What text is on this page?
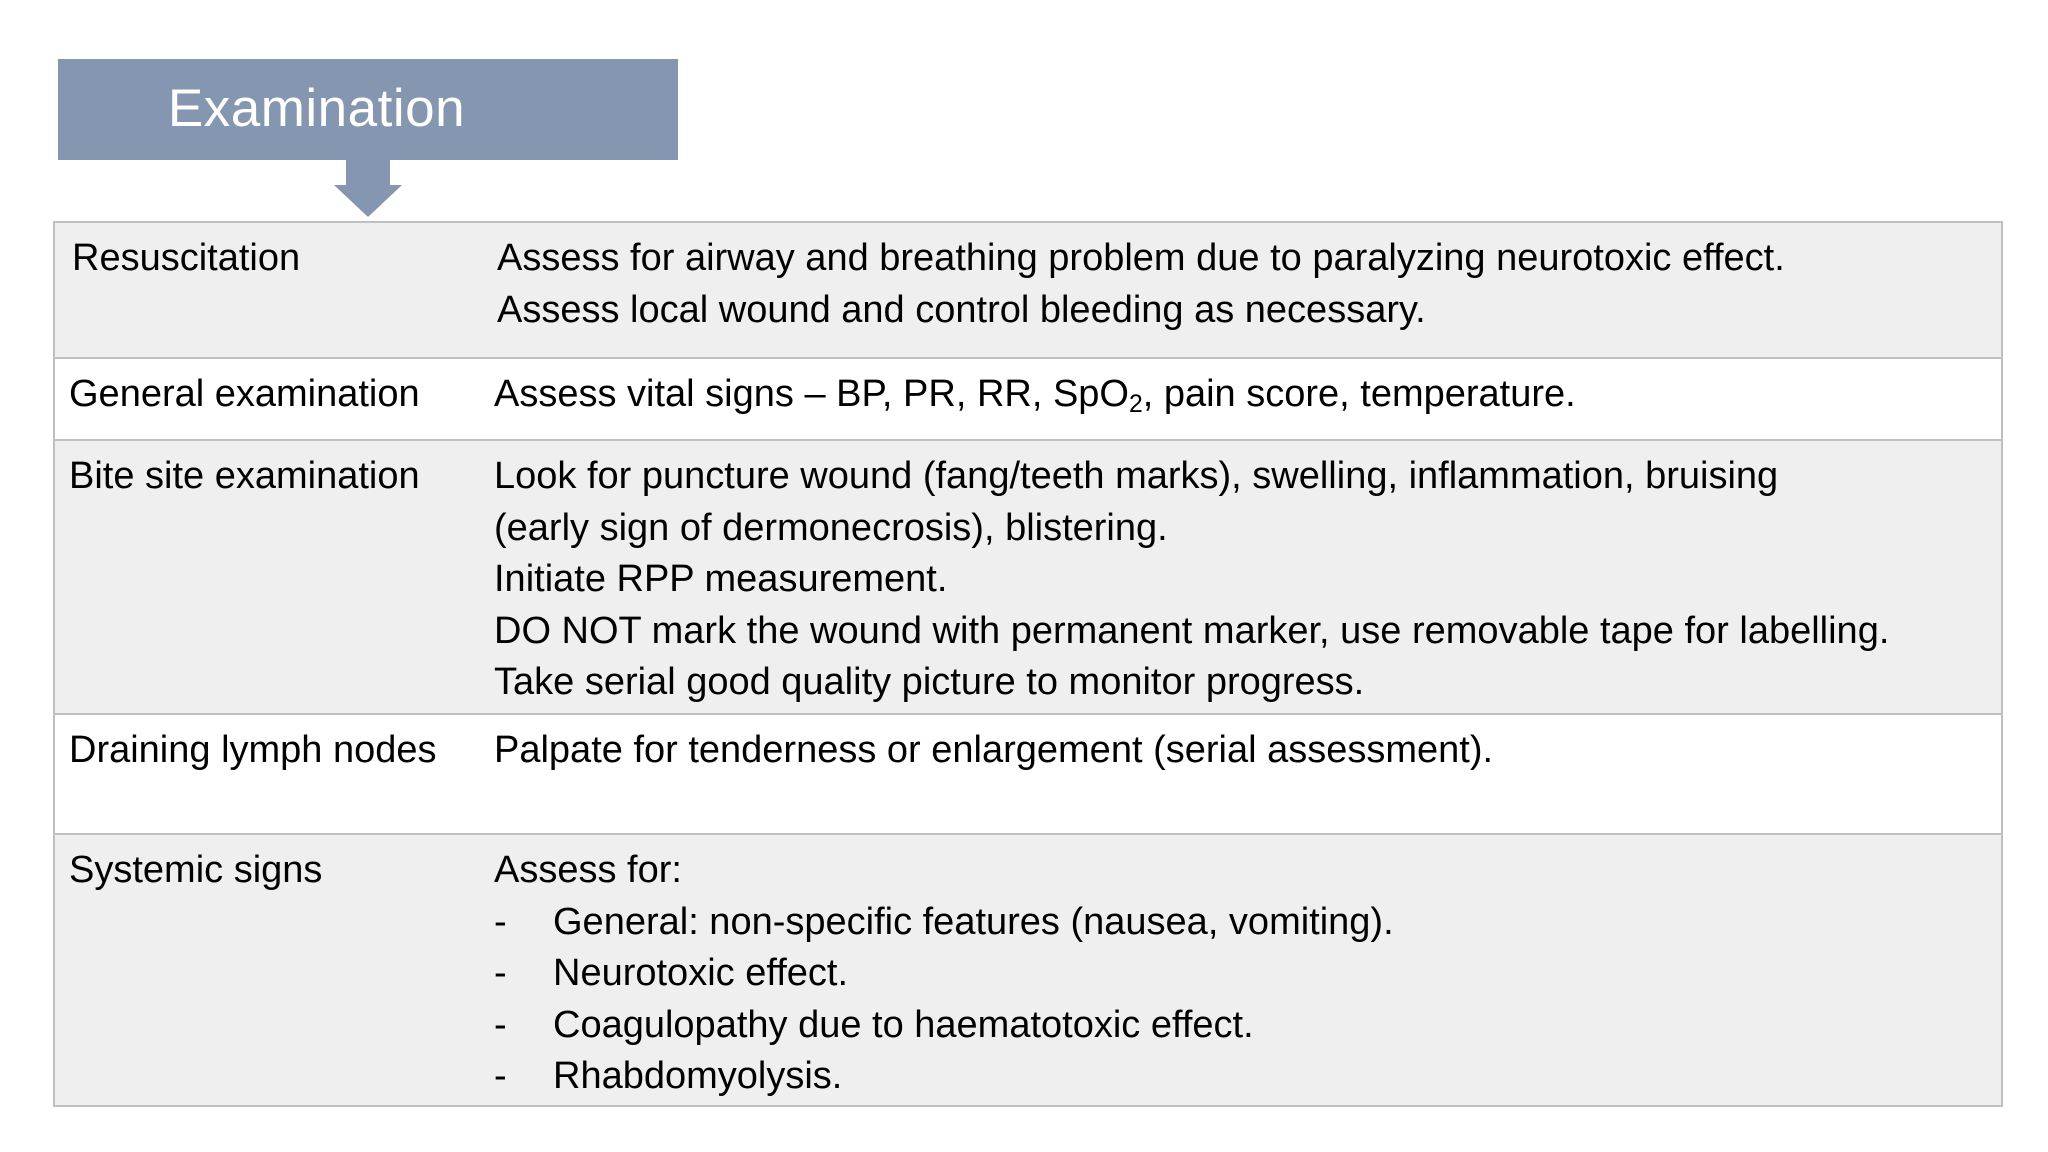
Examination
Resuscitation	Assess for airway and breathing problem due to paralyzing neurotoxic effect.
Assess local wound and control bleeding as necessary.
General examination Assess vital signs – BP, PR, RR, SpO$_2$, pain score, temperature.
Bite site examination Look for puncture wound (fang/teeth marks), swelling, inflammation, bruising
(early sign of dermonecrosis), blistering.
Initiate RPP measurement.
DO NOT mark the wound with permanent marker, use removable tape for labelling.
Take serial good quality picture to monitor progress.
Draining lymph nodes Palpate for tenderness or enlargement (serial assessment).
Systemic signs	Assess for:
- General: non-specific features (nausea, vomiting).
- Neurotoxic effect.
- Coagulopathy due to haematotoxic effect.
- Rhabdomyolysis.
